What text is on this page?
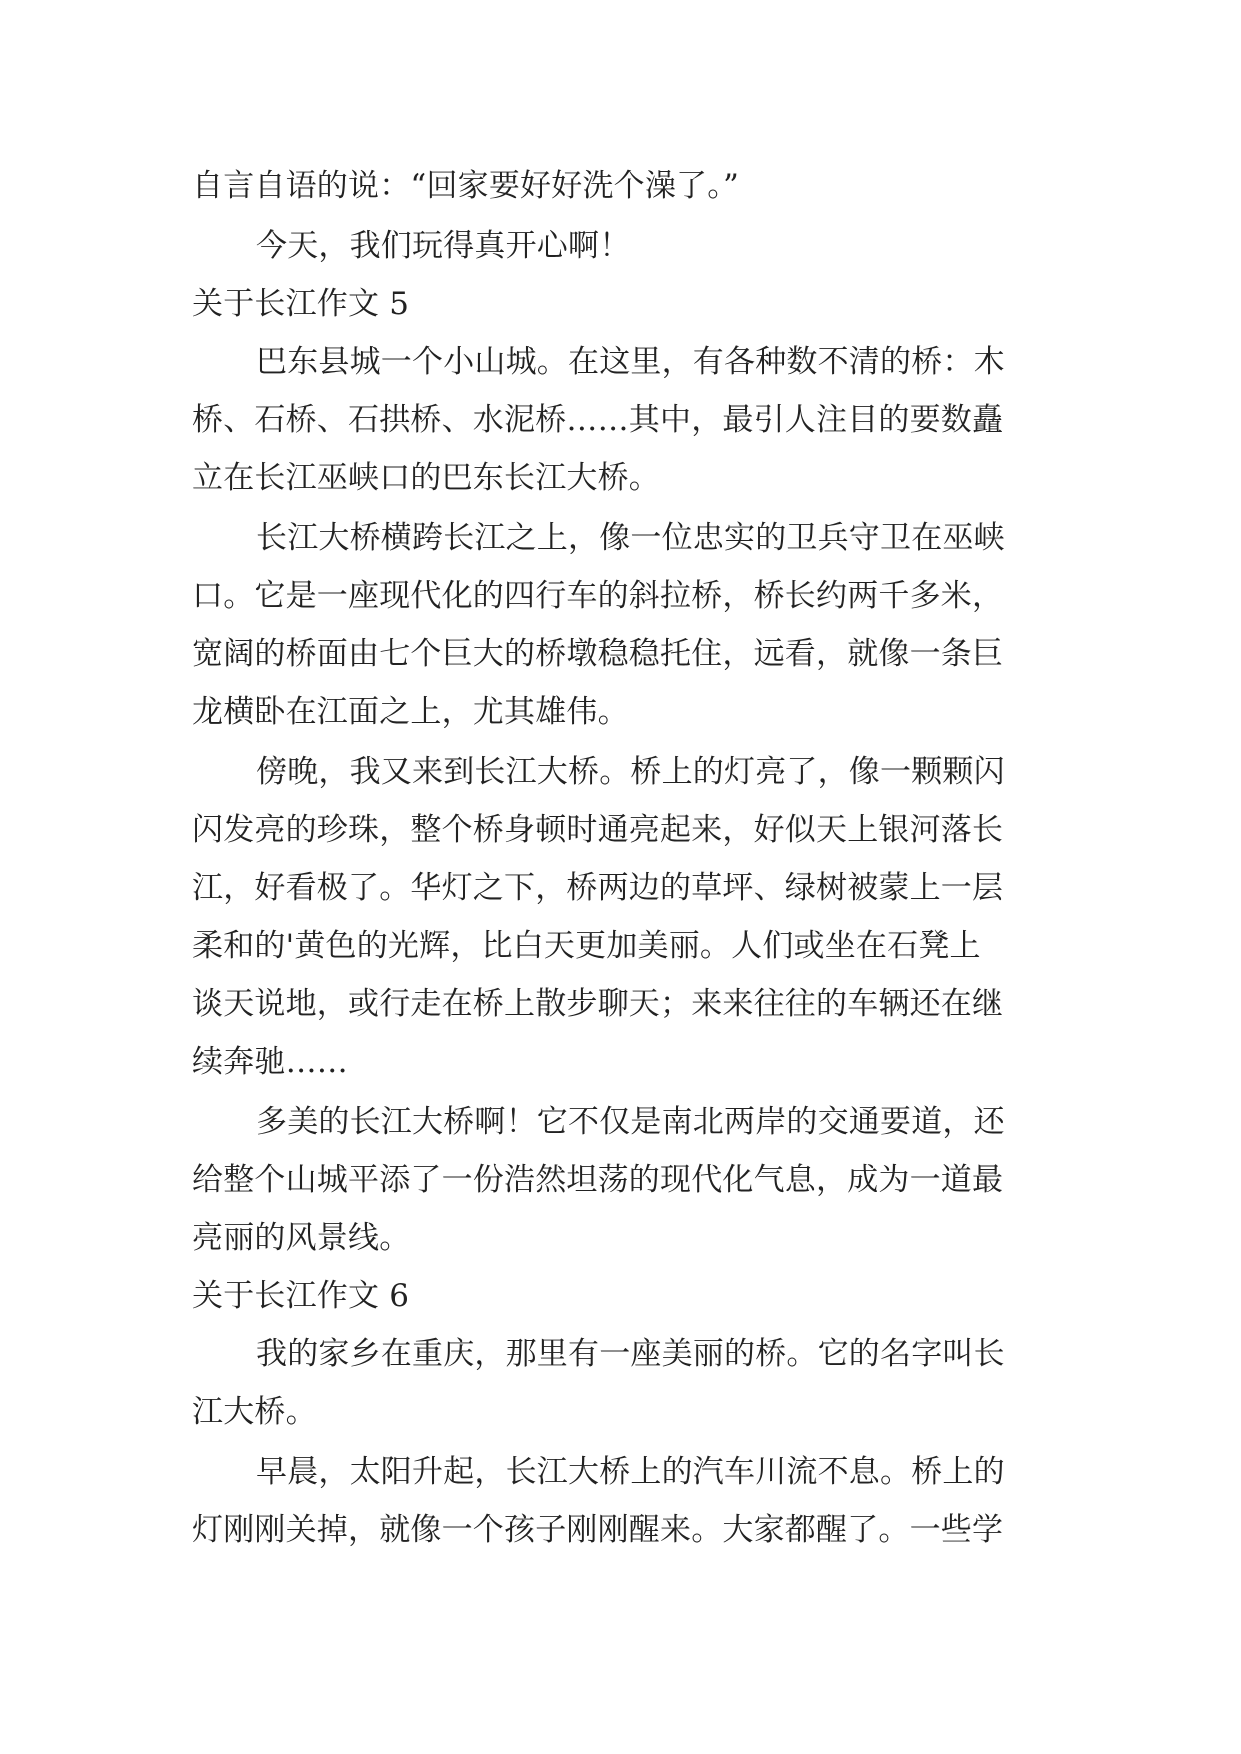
自言自语的说：“回家要好好洗个澡了。”
今天，我们玩得真开心啊！
关于长江作文 5
巴东县城一个小山城。在这里，有各种数不清的桥：木
桥、石桥、石拱桥、水泥桥……其中，最引人注目的要数矗
立在长江巫峡口的巴东长江大桥。
长江大桥横跨长江之上，像一位忠实的卫兵守卫在巫峡
口。它是一座现代化的四行车的斜拉桥，桥长约两千多米，
宽阔的桥面由七个巨大的桥墩稳稳托住，远看，就像一条巨
龙横卧在江面之上，尤其雄伟。
傍晚，我又来到长江大桥。桥上的灯亮了，像一颗颗闪
闪发亮的珍珠，整个桥身顿时通亮起来，好似天上银河落长
江，好看极了。华灯之下，桥两边的草坪、绿树被蒙上一层
柔和的'黄色的光辉，比白天更加美丽。人们或坐在石凳上
谈天说地，或行走在桥上散步聊天；来来往往的车辆还在继
续奔驰……
多美的长江大桥啊！它不仅是南北两岸的交通要道，还
给整个山城平添了一份浩然坦荡的现代化气息，成为一道最
亮丽的风景线。
关于长江作文 6
我的家乡在重庆，那里有一座美丽的桥。它的名字叫长
江大桥。
早晨，太阳升起，长江大桥上的汽车川流不息。桥上的
灯刚刚关掉，就像一个孩子刚刚醒来。大家都醒了。一些学
